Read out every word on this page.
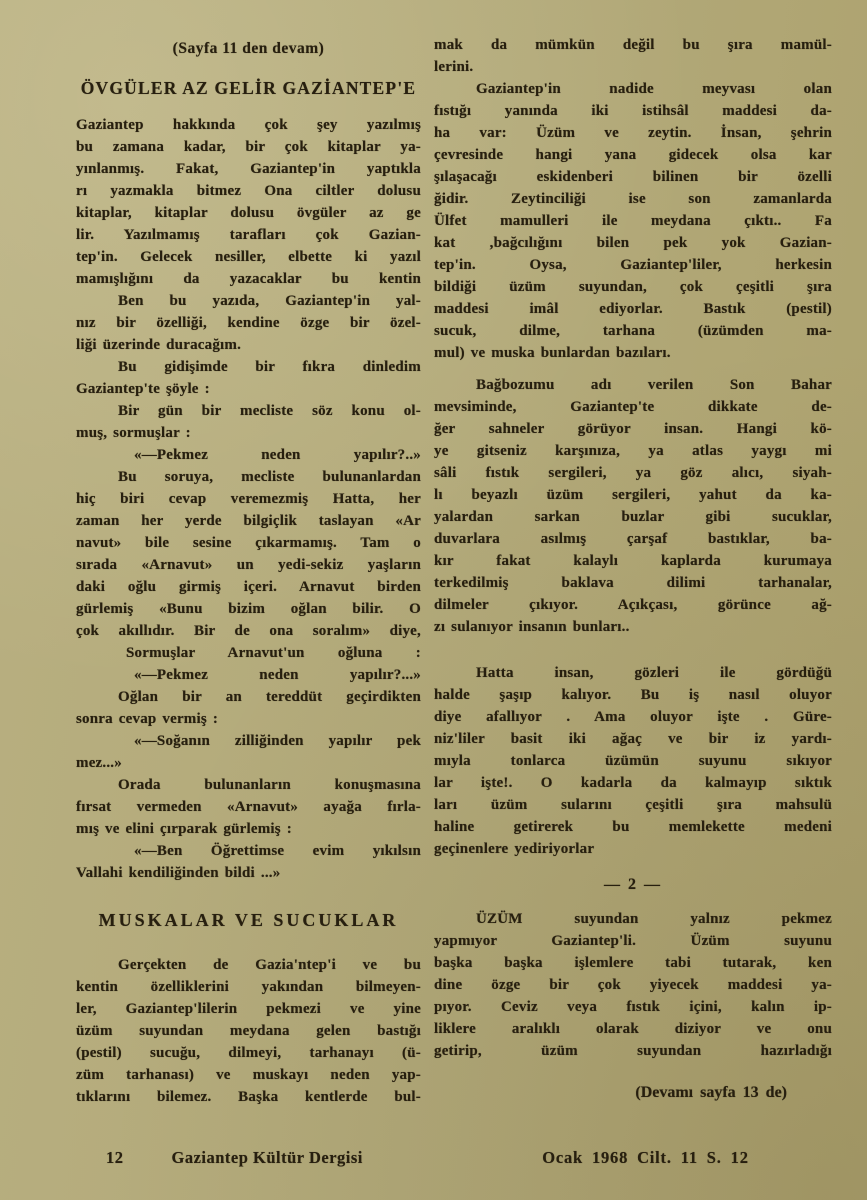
(Sayfa 11 den devam)
ÖVGÜLER AZ GELİR GAZİANTEP'E
Gaziantep hakkında çok şey yazılmış
bu zamana kadar, bir çok kitaplar ya-
yınlanmış. Fakat, Gaziantep'in yaptıkla
rı yazmakla bitmez Ona ciltler dolusu
kitaplar, kitaplar dolusu övgüler az ge
lir. Yazılmamış tarafları çok Gazian-
tep'in. Gelecek nesiller, elbette ki yazıl
mamışlığını da yazacaklar bu kentin
Ben bu yazıda, Gaziantep'in yal-
nız bir özelliği, kendine özge bir özel-
liği üzerinde duracağım.
Bu gidişimde bir fıkra dinledim
Gaziantep'te şöyle :
Bir gün bir mecliste söz konu ol-
muş, sormuşlar :
«—Pekmez neden yapılır?..»
Bu soruya, mecliste bulunanlardan
hiç biri cevap veremezmiş Hatta, her
zaman her yerde bilgiçlik taslayan «Ar
navut» bile sesine çıkarmamış. Tam o
sırada «Arnavut» un yedi-sekiz yaşların
daki oğlu girmiş içeri. Arnavut birden
gürlemiş «Bunu bizim oğlan bilir. O
çok akıllıdır. Bir de ona soralım» diye,
Sormuşlar Arnavut'un oğluna :
«—Pekmez neden yapılır?...»
Oğlan bir an tereddüt geçirdikten
sonra cevap vermiş :
«—Soğanın zilliğinden yapılır pek
mez...»
Orada bulunanların konuşmasına
fırsat vermeden «Arnavut» ayağa fırla-
mış ve elini çırparak gürlemiş :
«—Ben Öğrettimse evim yıkılsın
Vallahi kendiliğinden bildi ...»
MUSKALAR VE SUCUKLAR
Gerçekten de Gazia'ntep'i ve bu
kentin özelliklerini yakından bilmeyen-
ler, Gaziantep'lilerin pekmezi ve yine
üzüm suyundan meydana gelen bastığı
(pestil) sucuğu, dilmeyi, tarhanayı (ü-
züm tarhanası) ve muskayı neden yap-
tıklarını bilemez. Başka kentlerde bul-
12	Gaziantep Kültür Dergisi
mak da mümkün değil bu şıra mamül-
lerini.
Gaziantep'in nadide meyvası olan
fıstığı yanında iki istihsâl maddesi da-
ha var: Üzüm ve zeytin. İnsan, şehrin
çevresinde hangi yana gidecek olsa kar
şılaşacağı eskidenberi bilinen bir özelli
ğidir. Zeytinciliği ise son zamanlarda
Ülfet mamulleri ile meydana çıktı.. Fa
kat ,bağcılığını bilen pek yok Gazian-
tep'in. Oysa, Gaziantep'liler, herkesin
bildiği üzüm suyundan, çok çeşitli şıra
maddesi imâl ediyorlar. Bastık (pestil)
sucuk, dilme, tarhana (üzümden ma-
mul) ve muska bunlardan bazıları.
Bağbozumu adı verilen Son Bahar
mevsiminde, Gaziantep'te dikkate de-
ğer sahneler görüyor insan. Hangi kö-
ye gitseniz karşınıza, ya atlas yaygı mi
sâli fıstık sergileri, ya göz alıcı, siyah-
lı beyazlı üzüm sergileri, yahut da ka-
yalardan sarkan buzlar gibi sucuklar,
duvarlara asılmış çarşaf bastıklar, ba-
kır fakat kalaylı kaplarda kurumaya
terkedilmiş baklava dilimi tarhanalar,
dilmeler çıkıyor. Açıkçası, görünce ağ-
zı sulanıyor insanın bunları..
Hatta insan, gözleri ile gördüğü
halde şaşıp kalıyor. Bu iş nasıl oluyor
diye afallıyor . Ama oluyor işte . Güre-
niz'liler basit iki ağaç ve bir iz yardı-
mıyla tonlarca üzümün suyunu sıkıyor
lar işte!. O kadarla da kalmayıp sıktık
ları üzüm sularını çeşitli şıra mahsulü
haline getirerek bu memlekette medeni
geçinenlere yediriyorlar
— 2 —
ÜZÜM suyundan yalnız pekmez
yapmıyor Gaziantep'li. Üzüm suyunu
başka başka işlemlere tabi tutarak, ken
dine özge bir çok yiyecek maddesi ya-
pıyor. Ceviz veya fıstık içini, kalın ip-
liklere aralıklı olarak diziyor ve onu
getirip, üzüm suyundan hazırladığı
(Devamı sayfa 13 de)
Ocak 1968 Cilt. 11 S. 12
